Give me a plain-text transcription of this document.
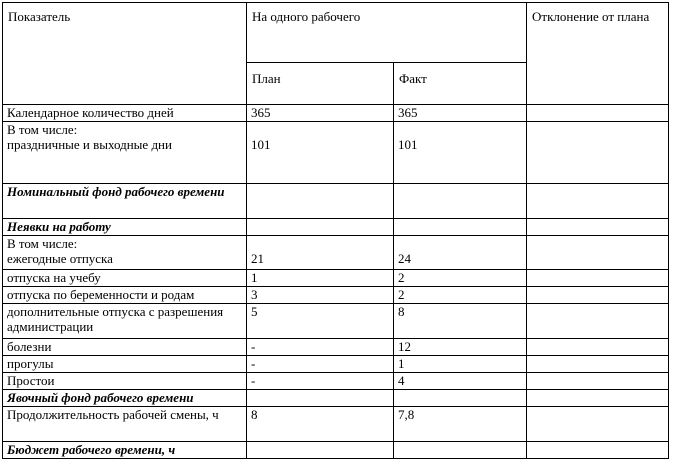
Показатель	На одного рабочего		Отклонение от плана
	План	Факт	
Календарное количество дней	365	365	

В том числе:
праздничные и выходные дни	101	101	

Номинальный фонд рабочего времени			
Неявки на работу			

В том числе:
ежегодные отпуска	21	24	

отпуска на учебу	1	2	
отпуска по беременности и родам	3	2	
дополнительные отпуска с разрешения администрации	5	8	
болезни	-	12	
прогулы	-	1	
Простои	-	4	
Явочный фонд рабочего времени			
Продолжительность рабочей смены, ч	8	7,8	
Бюджет рабочего времени, ч			
